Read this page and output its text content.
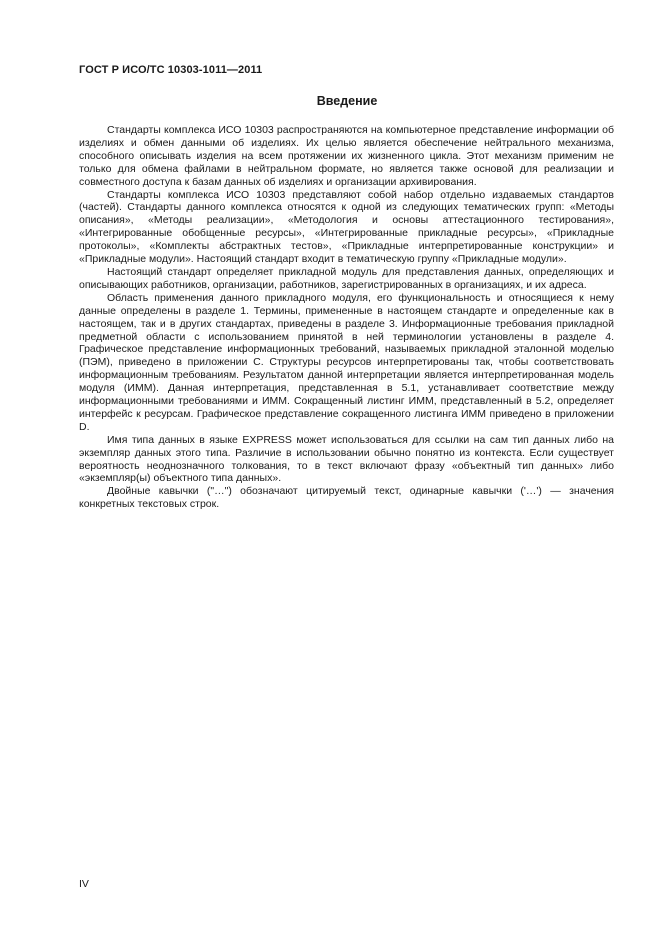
ГОСТ Р ИСО/ТС 10303-1011—2011
Введение

Стандарты комплекса ИСО 10303 распространяются на компьютерное представление информации об изделиях и обмен данными об изделиях. Их целью является обеспечение нейтрального механизма, способного описывать изделия на всем протяжении их жизненного цикла. Этот механизм применим не только для обмена файлами в нейтральном формате, но является также основой для реализации и совместного доступа к базам данных об изделиях и организации архивирования.

Стандарты комплекса ИСО 10303 представляют собой набор отдельно издаваемых стандартов (частей). Стандарты данного комплекса относятся к одной из следующих тематических групп: «Методы описания», «Методы реализации», «Методология и основы аттестационного тестирования», «Интегрированные обобщенные ресурсы», «Интегрированные прикладные ресурсы», «Прикладные протоколы», «Комплекты абстрактных тестов», «Прикладные интерпретированные конструкции» и «Прикладные модули». Настоящий стандарт входит в тематическую группу «Прикладные модули».

Настоящий стандарт определяет прикладной модуль для представления данных, определяющих и описывающих работников, организации, работников, зарегистрированных в организациях, и их адреса.

Область применения данного прикладного модуля, его функциональность и относящиеся к нему данные определены в разделе 1. Термины, примененные в настоящем стандарте и определенные как в настоящем, так и в других стандартах, приведены в разделе 3. Информационные требования прикладной предметной области с использованием принятой в ней терминологии установлены в разделе 4. Графическое представление информационных требований, называемых прикладной эталонной моделью (ПЭМ), приведено в приложении С. Структуры ресурсов интерпретированы так, чтобы соответствовать информационным требованиям. Результатом данной интерпретации является интерпретированная модель модуля (ИММ). Данная интерпретация, представленная в 5.1, устанавливает соответствие между информационными требованиями и ИММ. Сокращенный листинг ИММ, представленный в 5.2, определяет интерфейс к ресурсам. Графическое представление сокращенного листинга ИММ приведено в приложении D.

Имя типа данных в языке EXPRESS может использоваться для ссылки на сам тип данных либо на экземпляр данных этого типа. Различие в использовании обычно понятно из контекста. Если существует вероятность неоднозначного толкования, то в текст включают фразу «объектный тип данных» либо «экземпляр(ы) объектного типа данных».

Двойные кавычки ("…") обозначают цитируемый текст, одинарные кавычки ('…') — значения конкретных текстовых строк.

IV
